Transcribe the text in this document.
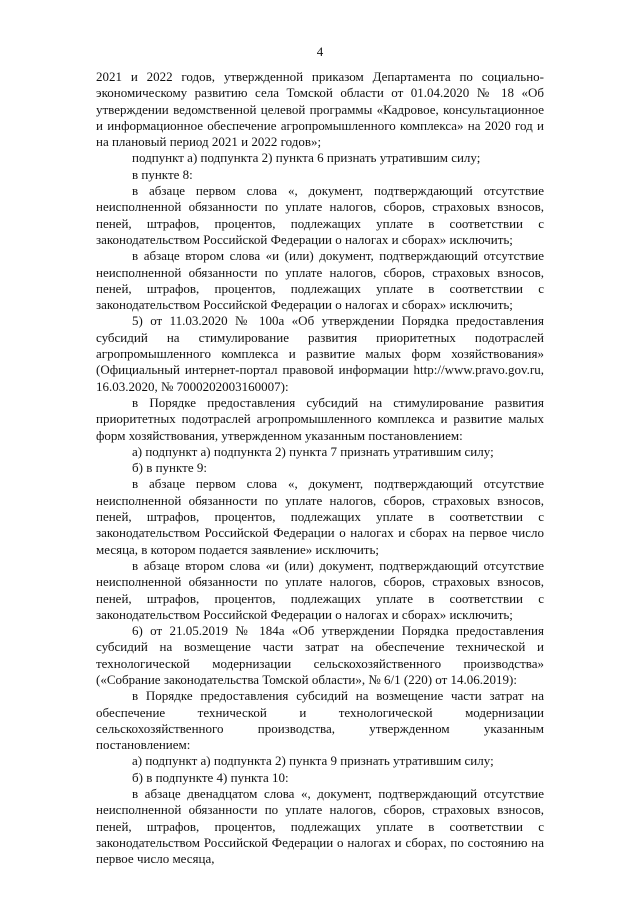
4

2021 и 2022 годов, утвержденной приказом Департамента по социально-экономическому развитию села Томской области от 01.04.2020 № 18 «Об утверждении ведомственной целевой программы «Кадровое, консультационное и информационное обеспечение агропромышленного комплекса» на 2020 год и на плановый период 2021 и 2022 годов»;

подпункт а) подпункта 2) пункта 6 признать утратившим силу;

в пункте 8:

в абзаце первом слова «, документ, подтверждающий отсутствие неисполненной обязанности по уплате налогов, сборов, страховых взносов, пеней, штрафов, процентов, подлежащих уплате в соответствии с законодательством Российской Федерации о налогах и сборах» исключить;

в абзаце втором слова «и (или) документ, подтверждающий отсутствие неисполненной обязанности по уплате налогов, сборов, страховых взносов, пеней, штрафов, процентов, подлежащих уплате в соответствии с законодательством Российской Федерации о налогах и сборах» исключить;

5) от 11.03.2020 № 100а «Об утверждении Порядка предоставления субсидий на стимулирование развития приоритетных подотраслей агропромышленного комплекса и развитие малых форм хозяйствования» (Официальный интернет-портал правовой информации http://www.pravo.gov.ru, 16.03.2020, № 7000202003160007):

в Порядке предоставления субсидий на стимулирование развития приоритетных подотраслей агропромышленного комплекса и развитие малых форм хозяйствования, утвержденном указанным постановлением:

а) подпункт а) подпункта 2) пункта 7 признать утратившим силу;

б) в пункте 9:

в абзаце первом слова «, документ, подтверждающий отсутствие неисполненной обязанности по уплате налогов, сборов, страховых взносов, пеней, штрафов, процентов, подлежащих уплате в соответствии с законодательством Российской Федерации о налогах и сборах на первое число месяца, в котором подается заявление» исключить;

в абзаце втором слова «и (или) документ, подтверждающий отсутствие неисполненной обязанности по уплате налогов, сборов, страховых взносов, пеней, штрафов, процентов, подлежащих уплате в соответствии с законодательством Российской Федерации о налогах и сборах» исключить;

6) от 21.05.2019 № 184а «Об утверждении Порядка предоставления субсидий на возмещение части затрат на обеспечение технической и технологической модернизации сельскохозяйственного производства» («Собрание законодательства Томской области», № 6/1 (220) от 14.06.2019):

в Порядке предоставления субсидий на возмещение части затрат на обеспечение технической и технологической модернизации сельскохозяйственного производства, утвержденном указанным постановлением:

а) подпункт а) подпункта 2) пункта 9 признать утратившим силу;

б) в подпункте 4) пункта 10:

в абзаце двенадцатом слова «, документ, подтверждающий отсутствие неисполненной обязанности по уплате налогов, сборов, страховых взносов, пеней, штрафов, процентов, подлежащих уплате в соответствии с законодательством Российской Федерации о налогах и сборах, по состоянию на первое число месяца,
